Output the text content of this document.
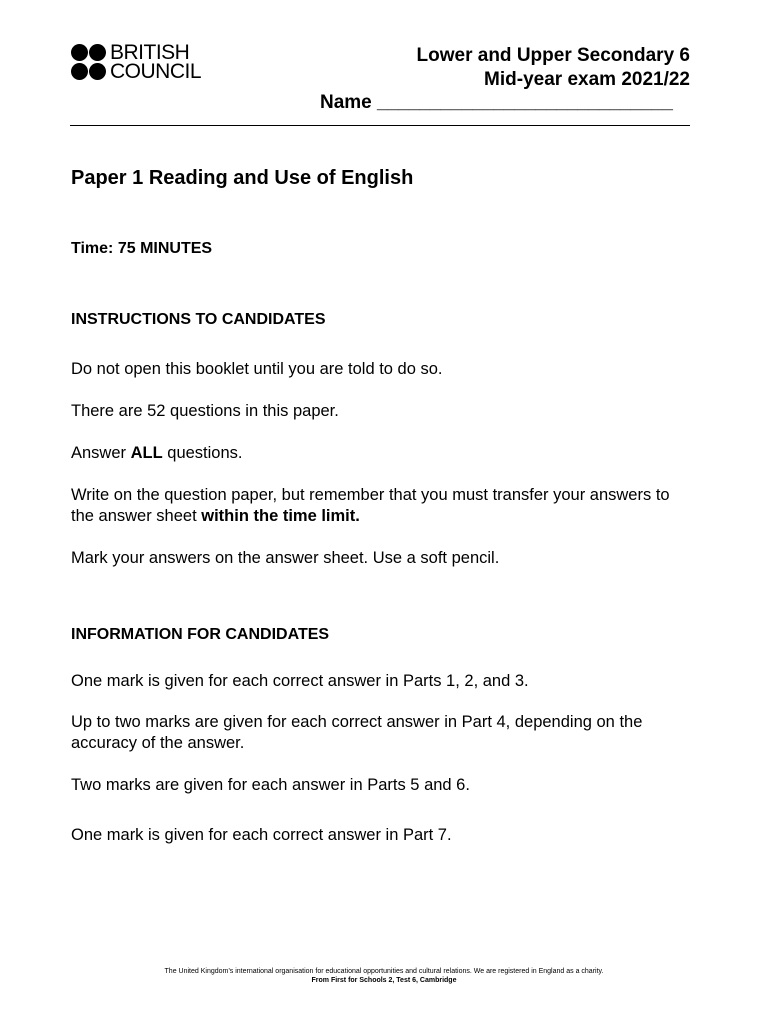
BRITISH
COUNCIL
Lower and Upper Secondary 6
Mid-year exam 2021/22
Name ____________________________
Paper 1 Reading and Use of English
Time: 75 MINUTES
INSTRUCTIONS TO CANDIDATES
Do not open this booklet until you are told to do so.
There are 52 questions in this paper.
Answer ALL questions.
Write on the question paper, but remember that you must transfer your answers to
the answer sheet within the time limit.
Mark your answers on the answer sheet. Use a soft pencil.
INFORMATION FOR CANDIDATES
One mark is given for each correct answer in Parts 1, 2, and 3.
Up to two marks are given for each correct answer in Part 4, depending on the
accuracy of the answer.
Two marks are given for each answer in Parts 5 and 6.
One mark is given for each correct answer in Part 7.
The United Kingdom’s international organisation for educational opportunities and cultural relations. We are registered in England as a charity.
From First for Schools 2, Test 6, Cambridge
